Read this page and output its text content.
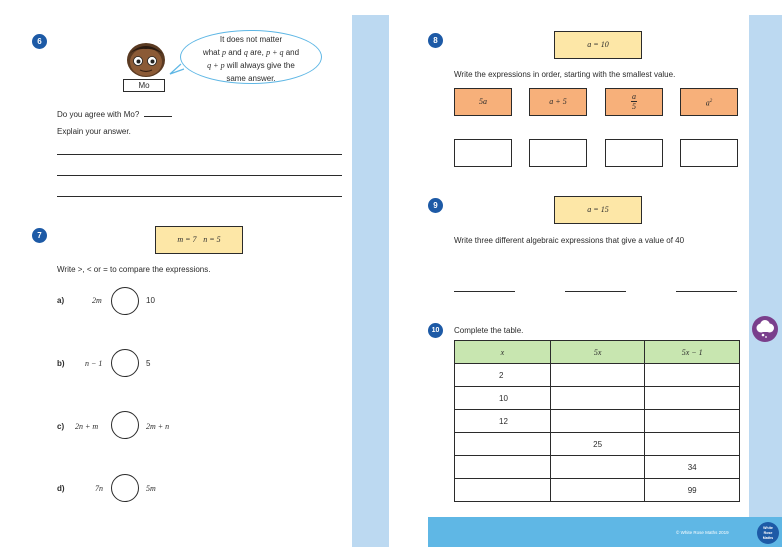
© White Rose Maths 2019
White
Rose
Maths
6
Mo
It does not matter
what p and q are, p + q and
q + p will always give the
same answer.
Do you agree with Mo?
Explain your answer.
7	m = 7 n = 5
Write >, < or = to compare the expressions.
a)	2m	10
b)	n − 1	5
c) 2n + m	2m + n
d)	7n	5m
8	a = 10
Write the expressions in order, starting with the smallest value.
5a	a + 5	$\frac{a}{5}$	$a^2$
9	a = 15
Write three different algebraic expressions that give a value of 40
10	Complete the table.
x	5x	5x − 1
2		
10		
12		
	25	
		34
		99
